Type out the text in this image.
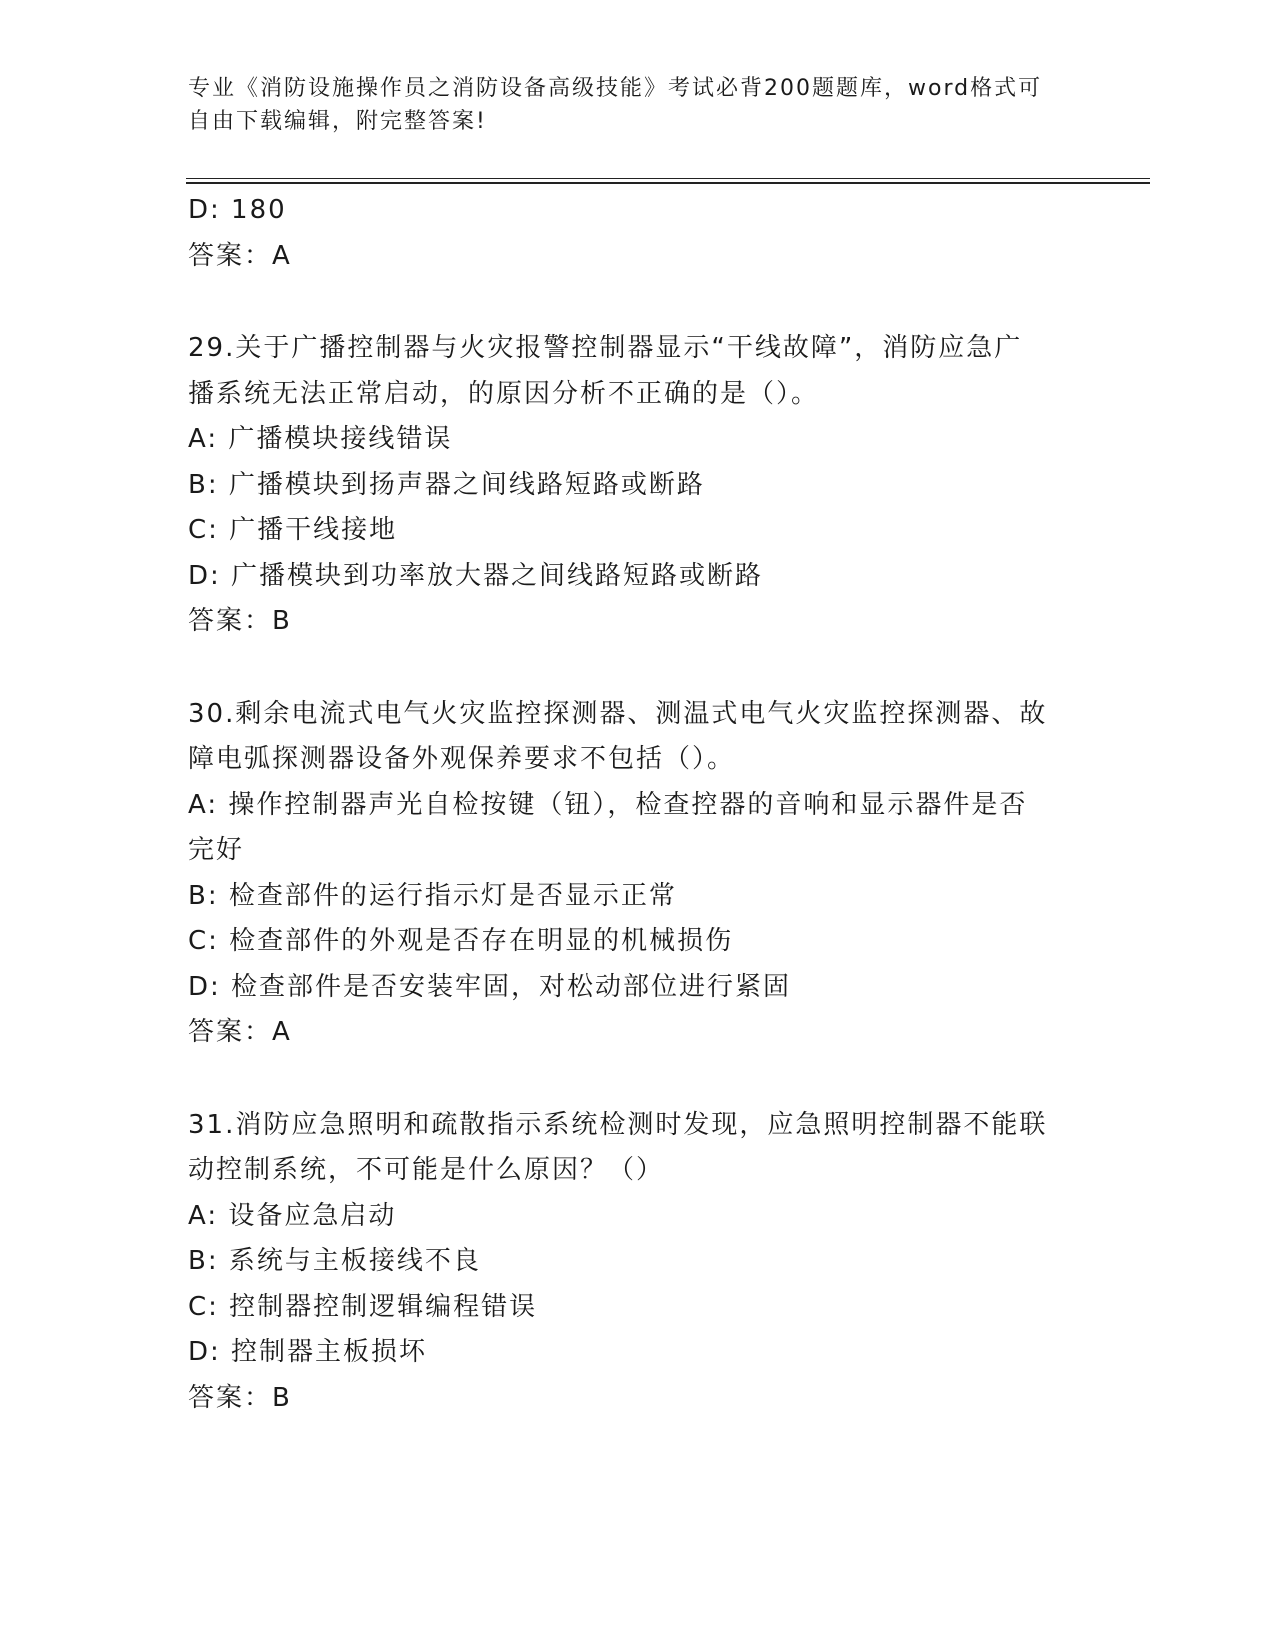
专业《消防设施操作员之消防设备高级技能》考试必背200题题库，word格式可
自由下载编辑，附完整答案!
D: 180
答案：A
29.关于广播控制器与火灾报警控制器显示“干线故障”，消防应急广
播系统无法正常启动，的原因分析不正确的是（）。
A: 广播模块接线错误
B: 广播模块到扬声器之间线路短路或断路
C: 广播干线接地
D: 广播模块到功率放大器之间线路短路或断路
答案：B
30.剩余电流式电气火灾监控探测器、测温式电气火灾监控探测器、故
障电弧探测器设备外观保养要求不包括（）。
A: 操作控制器声光自检按键（钮），检查控器的音响和显示器件是否
完好
B: 检查部件的运行指示灯是否显示正常
C: 检查部件的外观是否存在明显的机械损伤
D: 检查部件是否安装牢固，对松动部位进行紧固
答案：A
31.消防应急照明和疏散指示系统检测时发现，应急照明控制器不能联
动控制系统，不可能是什么原因？（）
A: 设备应急启动
B: 系统与主板接线不良
C: 控制器控制逻辑编程错误
D: 控制器主板损坏
答案：B
